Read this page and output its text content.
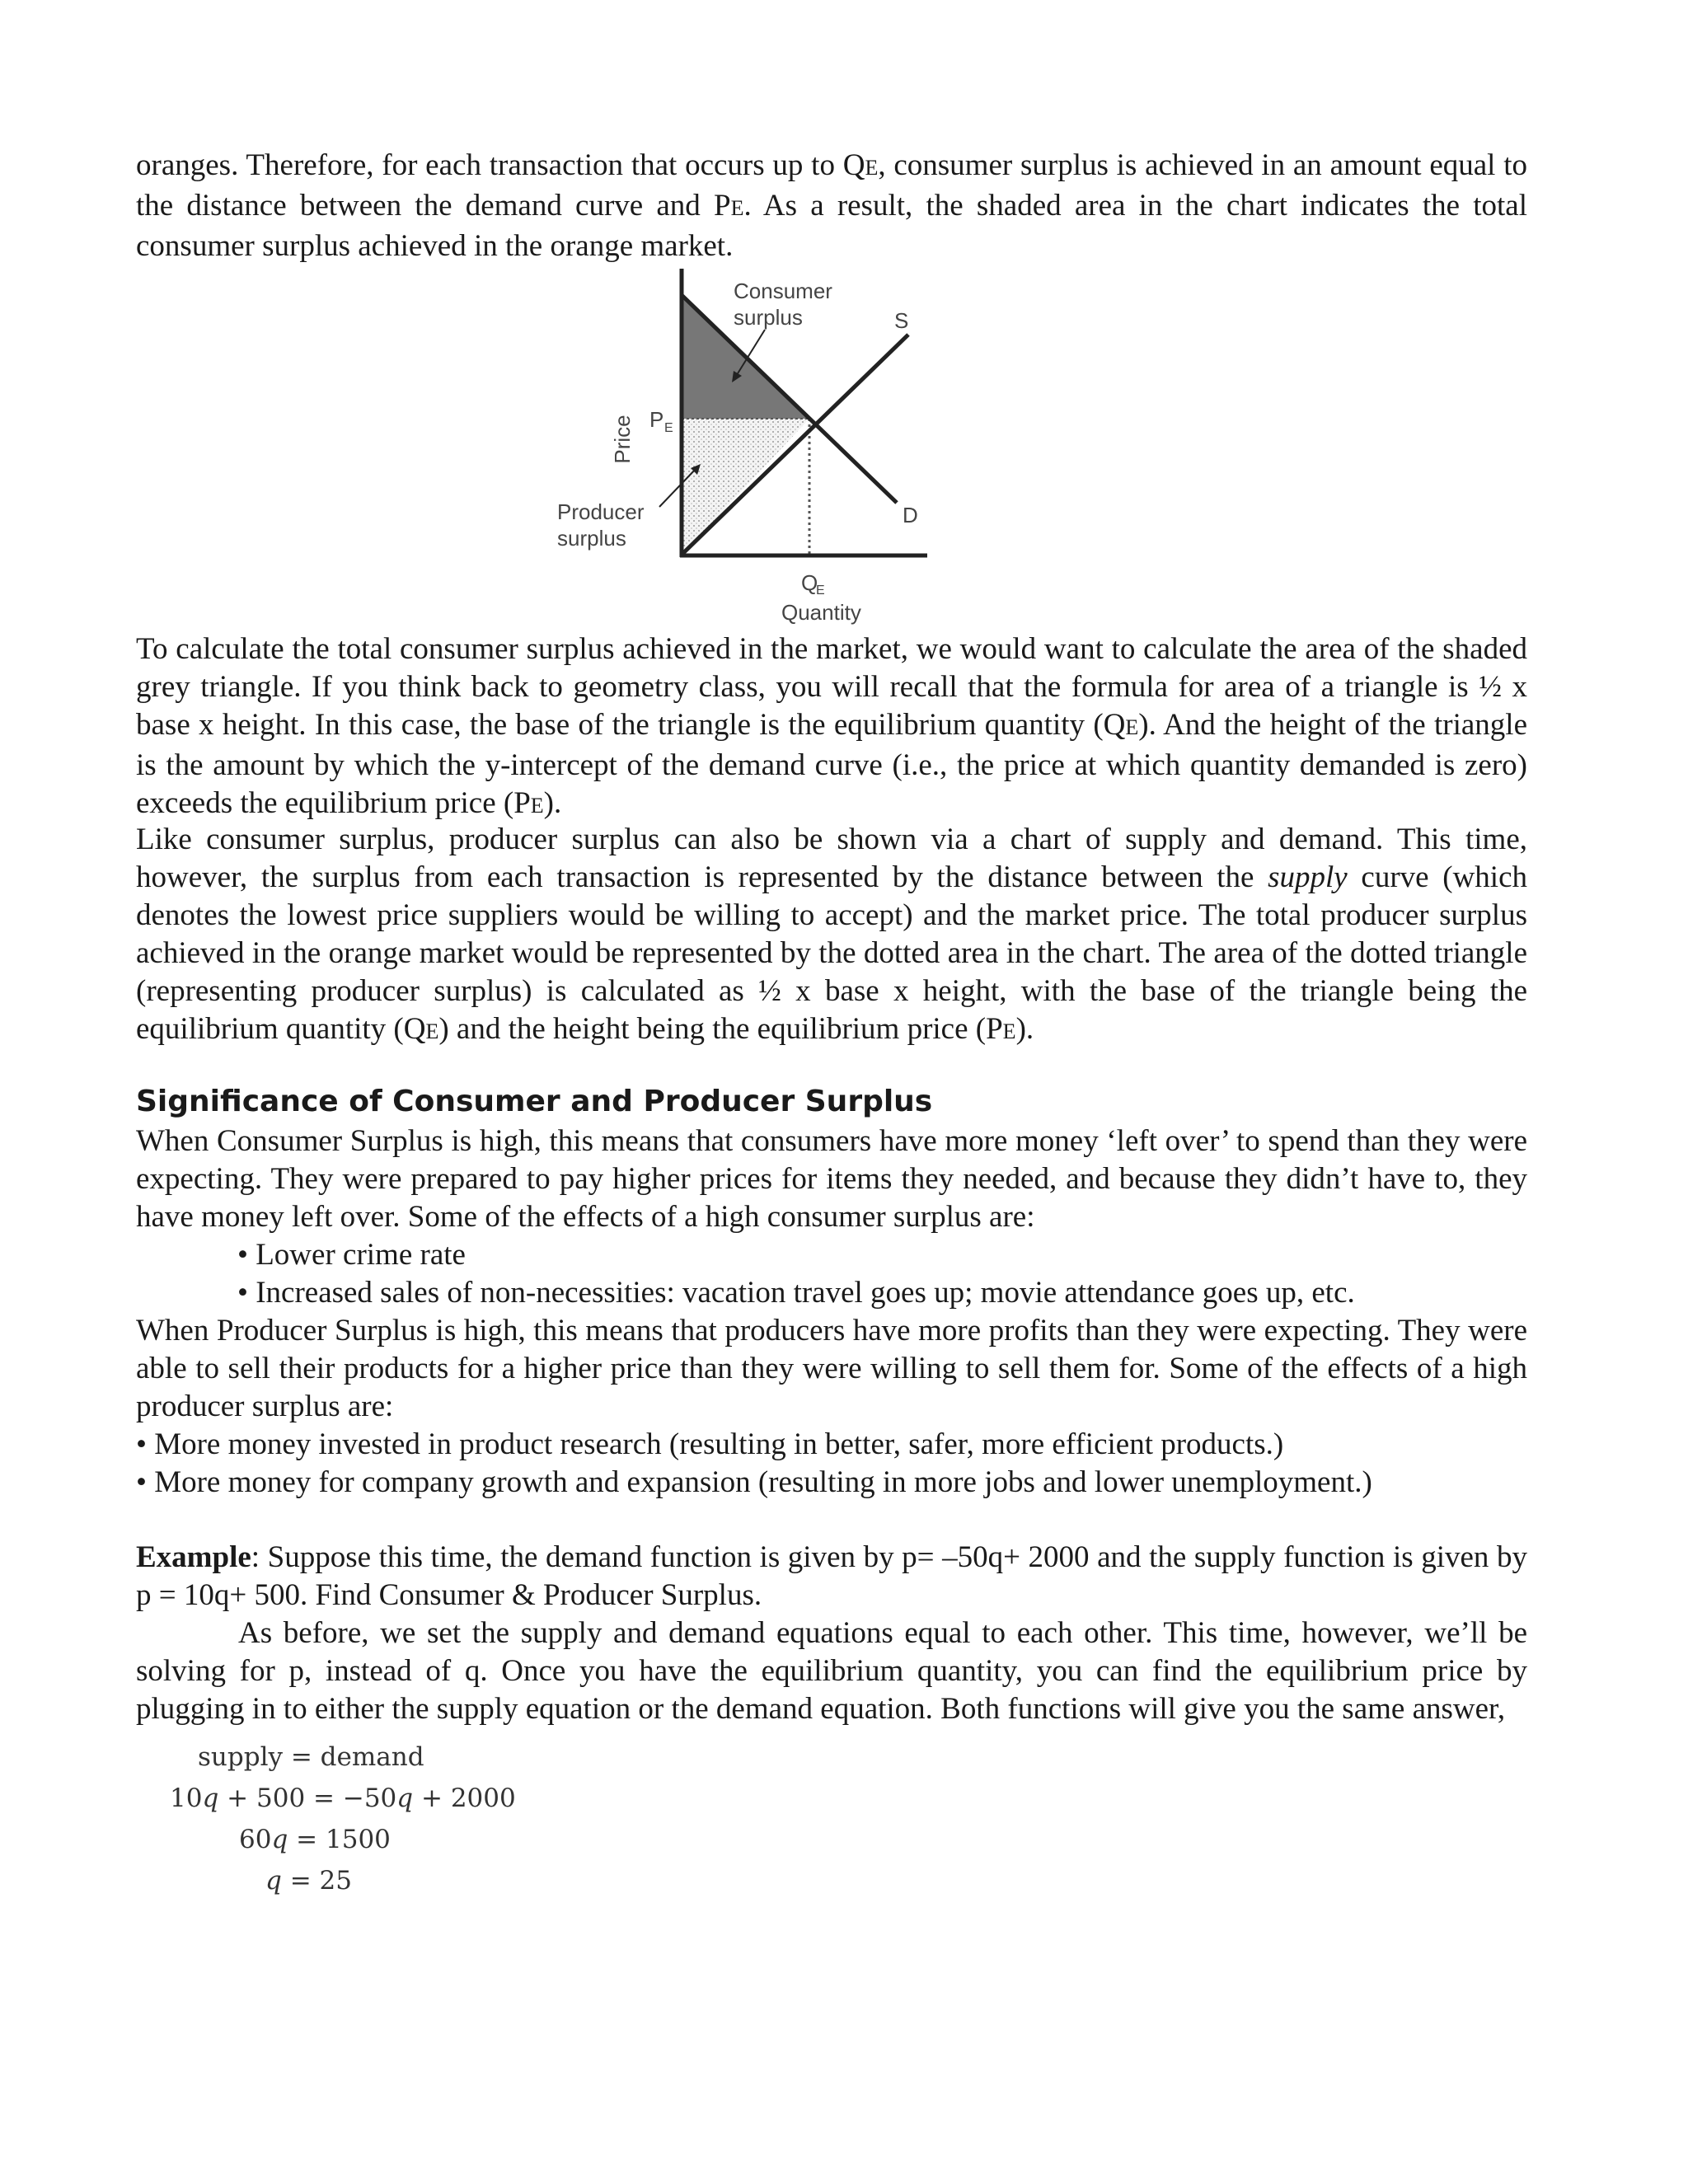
oranges. Therefore, for each transaction that occurs up to QE, consumer surplus is achieved in an amount equal to the distance between the demand curve and PE. As a result, the shaded area in the chart indicates the total consumer surplus achieved in the orange market.
Consumer
surplus	S
D
Price P E
Producer
surplus
Q
E
Quantity
To calculate the total consumer surplus achieved in the market, we would want to calculate the area of the shaded grey triangle. If you think back to geometry class, you will recall that the formula for area of a triangle is ½ x base x height. In this case, the base of the triangle is the equilibrium quantity (QE). And the height of the triangle is the amount by which the y-intercept of the demand curve (i.e., the price at which quantity demanded is zero) exceeds the equilibrium price (PE).
Like consumer surplus, producer surplus can also be shown via a chart of supply and demand. This time, however, the surplus from each transaction is represented by the distance between the supply curve (which denotes the lowest price suppliers would be willing to accept) and the market price. The total producer surplus achieved in the orange market would be represented by the dotted area in the chart. The area of the dotted triangle (representing producer surplus) is calculated as ½ x base x height, with the base of the triangle being the equilibrium quantity (QE) and the height being the equilibrium price (PE).
Significance of Consumer and Producer Surplus
When Consumer Surplus is high, this means that consumers have more money ‘left over’ to spend than they were expecting. They were prepared to pay higher prices for items they needed, and because they didn’t have to, they have money left over. Some of the effects of a high consumer surplus are:
• Lower crime rate
• Increased sales of non-necessities: vacation travel goes up; movie attendance goes up, etc.
When Producer Surplus is high, this means that producers have more profits than they were expecting. They were able to sell their products for a higher price than they were willing to sell them for. Some of the effects of a high producer surplus are:
• More money invested in product research (resulting in better, safer, more efficient products.)
• More money for company growth and expansion (resulting in more jobs and lower unemployment.)
Example: Suppose this time, the demand function is given by p= –50q+ 2000 and the supply function is given by p = 10q+ 500. Find Consumer & Producer Surplus.
As before, we set the supply and demand equations equal to each other. This time, however, we’ll be solving for p, instead of q. Once you have the equilibrium quantity, you can find the equilibrium price by plugging in to either the supply equation or the demand equation. Both functions will give you the same answer,
supply = demand
10q + 500 = −50q + 2000
60q = 1500
q = 25
